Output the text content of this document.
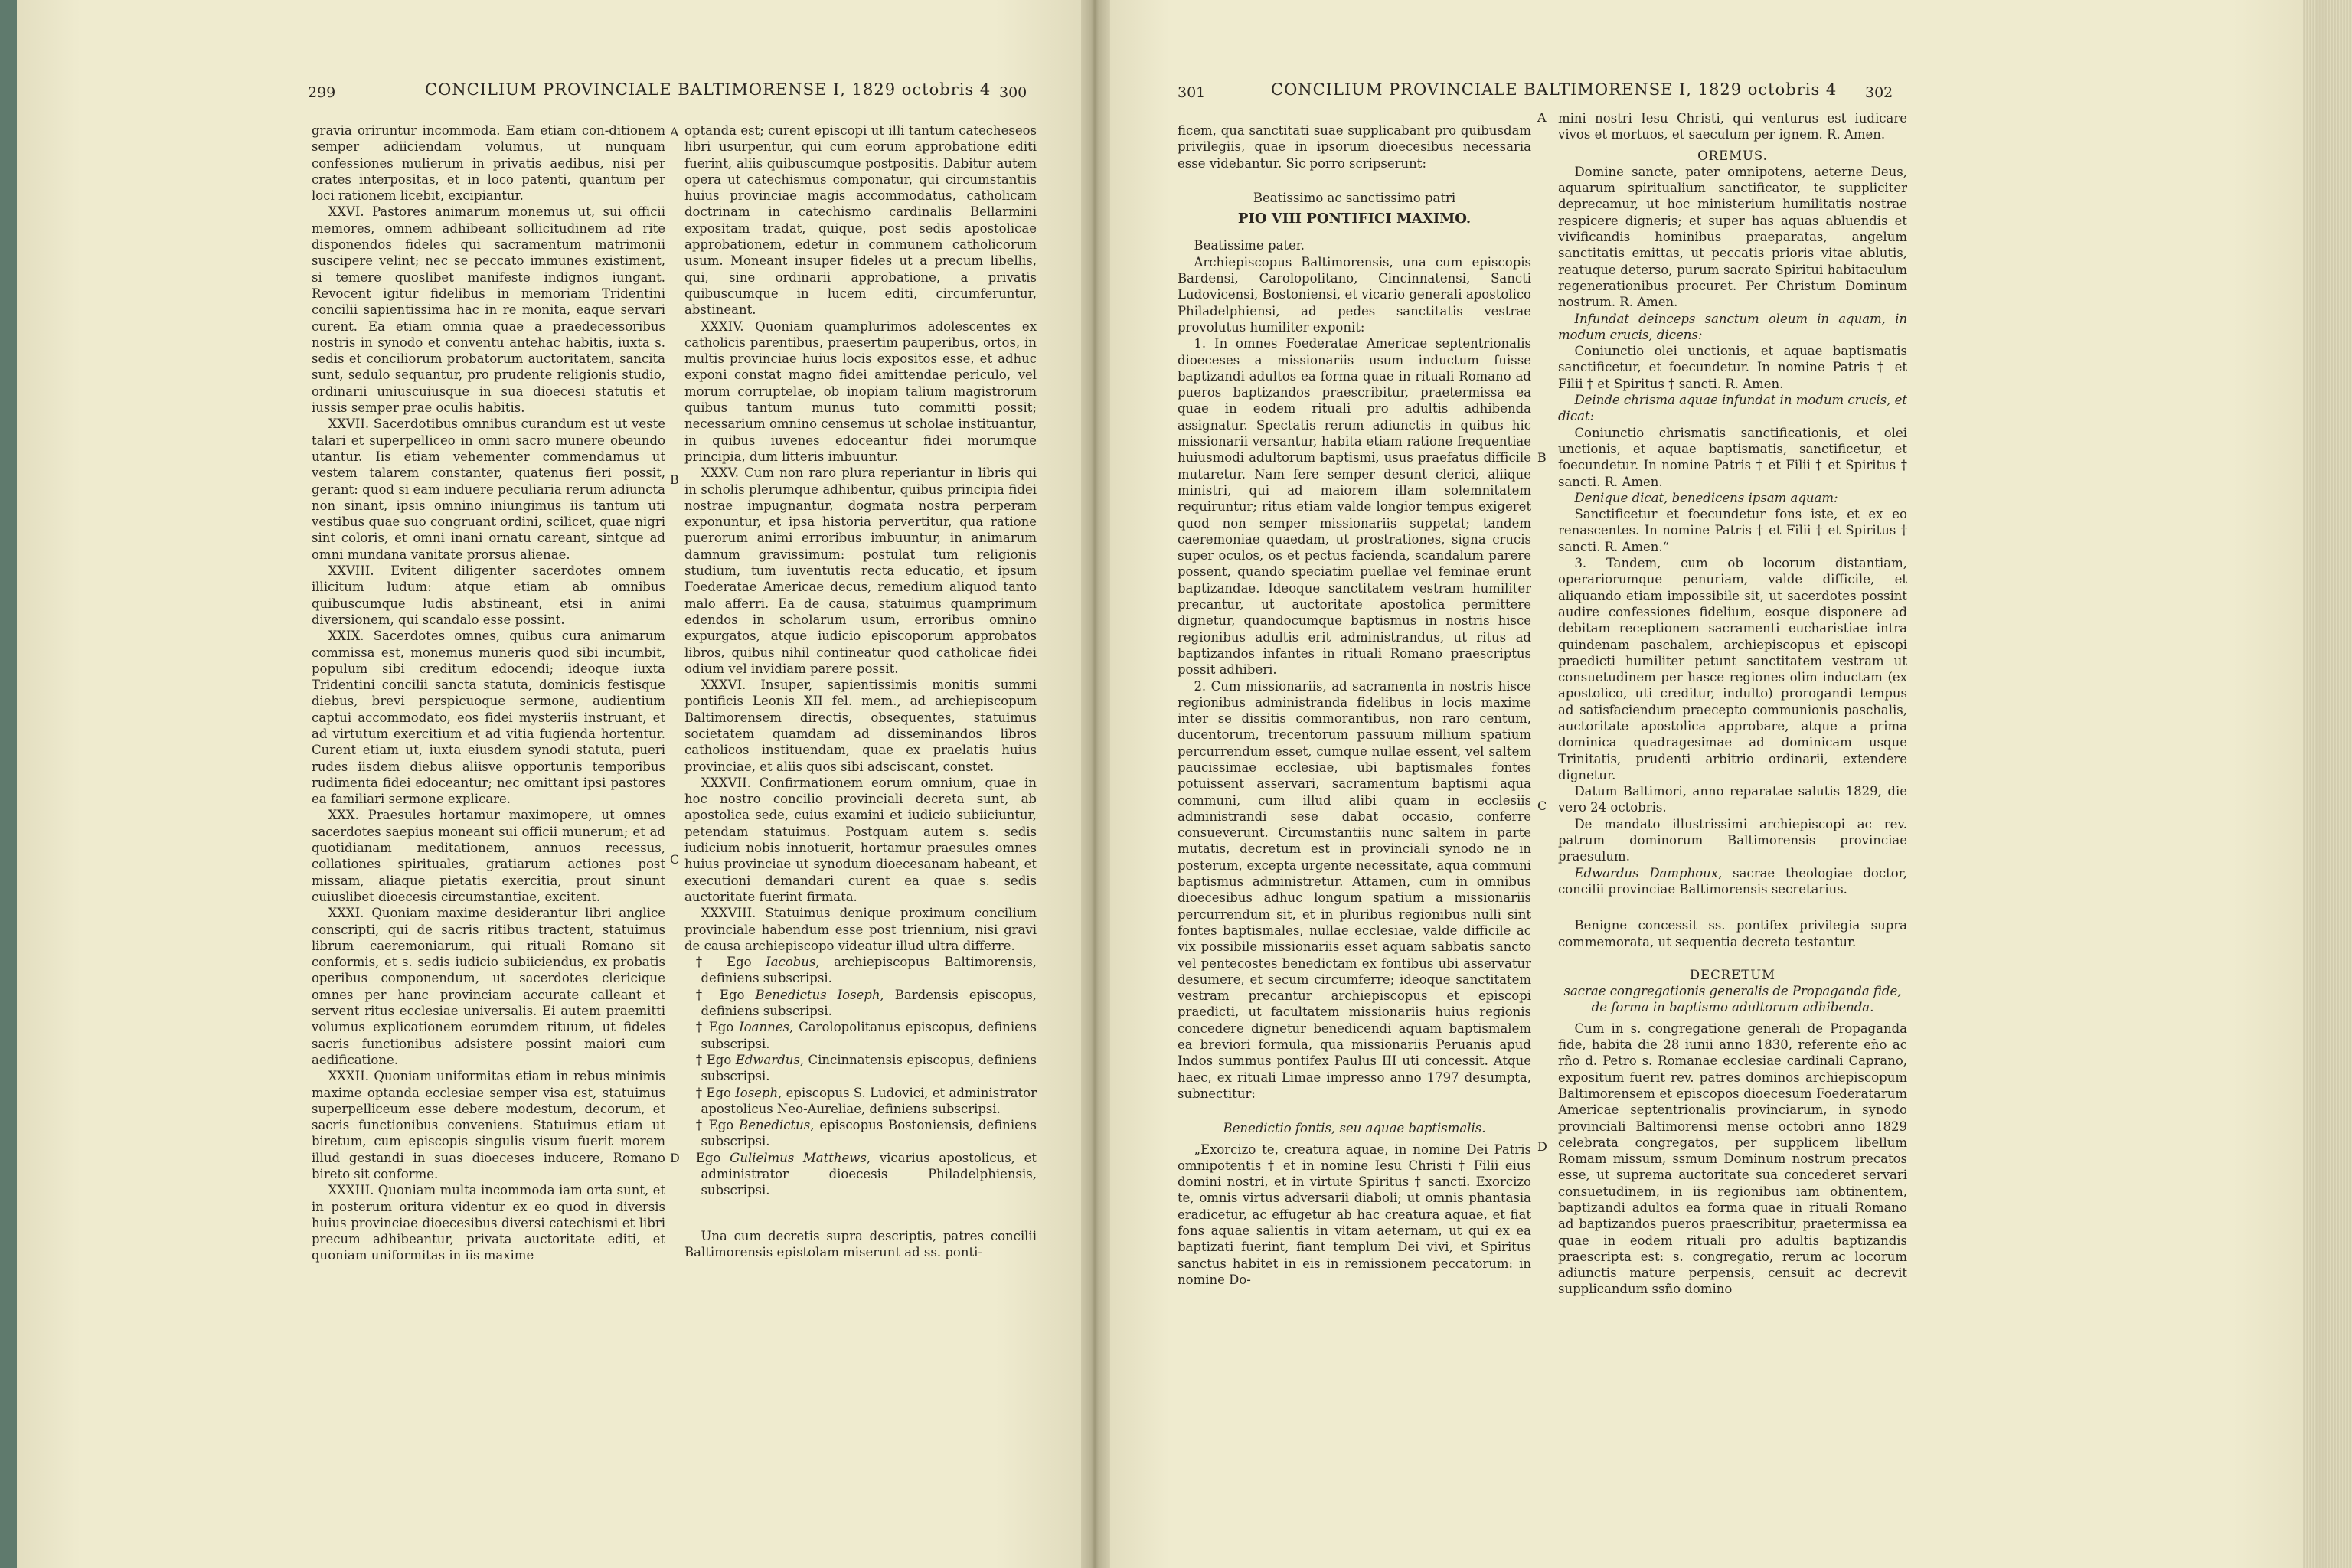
299	CONCILIUM PROVINCIALE BALTIMORENSE I, 1829 octobris 4 300

gravia oriruntur incommoda. Eam etiam con-ditionem semper adiiciendam volumus, ut nunquam confessiones mulierum in privatis aedibus, nisi per crates interpositas, et in loco patenti, quantum per loci rationem licebit, excipiantur.

XXVI. Pastores animarum monemus ut, sui officii memores, omnem adhibeant sollicitudinem ad rite disponendos fideles qui sacramentum matrimonii suscipere velint; nec se peccato immunes existiment, si temere quoslibet manifeste indignos iungant. Revocent igitur fidelibus in memoriam Tridentini concilii sapientissima hac in re monita, eaque servari curent. Ea etiam omnia quae a praedecessoribus nostris in synodo et conventu antehac habitis, iuxta s. sedis et conciliorum probatorum auctoritatem, sancita sunt, sedulo sequantur, pro prudente religionis studio, ordinarii uniuscuiusque in sua dioecesi statutis et iussis semper prae oculis habitis.

XXVII. Sacerdotibus omnibus curandum est ut veste talari et superpelliceo in omni sacro munere obeundo utantur. Iis etiam vehementer commendamus ut vestem talarem constanter, quatenus fieri possit, gerant: quod si eam induere peculiaria rerum adiuncta non sinant, ipsis omnino iniungimus iis tantum uti vestibus quae suo congruant ordini, scilicet, quae nigri sint coloris, et omni inani ornatu careant, sintque ad omni mundana vanitate prorsus alienae.

XXVIII. Evitent diligenter sacerdotes omnem illicitum ludum: atque etiam ab omnibus quibuscumque ludis abstineant, etsi in animi diversionem, qui scandalo esse possint.

XXIX. Sacerdotes omnes, quibus cura animarum commissa est, monemus muneris quod sibi incumbit, populum sibi creditum edocendi; ideoque iuxta Tridentini concilii sancta statuta, dominicis festisque diebus, brevi perspicuoque sermone, audientium captui accommodato, eos fidei mysteriis instruant, et ad virtutum exercitium et ad vitia fugienda hortentur. Curent etiam ut, iuxta eiusdem synodi statuta, pueri rudes iisdem diebus aliisve opportunis temporibus rudimenta fidei edoceantur; nec omittant ipsi pastores ea familiari sermone explicare.

XXX. Praesules hortamur maximopere, ut omnes sacerdotes saepius moneant sui officii munerum; et ad quotidianam meditationem, annuos recessus, collationes spirituales, gratiarum actiones post missam, aliaque pietatis exercitia, prout sinunt cuiuslibet dioecesis circumstantiae, excitent.

XXXI. Quoniam maxime desiderantur libri anglice conscripti, qui de sacris ritibus tractent, statuimus librum caeremoniarum, qui rituali Romano sit conformis, et s. sedis iudicio subiiciendus, ex probatis operibus componendum, ut sacerdotes clericique omnes per hanc provinciam accurate calleant et servent ritus ecclesiae universalis. Ei autem praemitti volumus explicationem eorumdem rituum, ut fideles sacris functionibus adsistere possint maiori cum aedificatione.

XXXII. Quoniam uniformitas etiam in rebus minimis maxime optanda ecclesiae semper visa est, statuimus superpelliceum esse debere modestum, decorum, et sacris functionibus conveniens. Statuimus etiam ut biretum, cum episcopis singulis visum fuerit morem illud gestandi in suas dioeceses inducere, Romano bireto sit conforme.

XXXIII. Quoniam multa incommoda iam orta sunt, et in posterum oritura videntur ex eo quod in diversis huius provinciae dioecesibus diversi catechismi et libri precum adhibeantur, privata auctoritate editi, et quoniam uniformitas in iis maxime

A
B
C
D

optanda est; curent episcopi ut illi tantum catecheseos libri usurpentur, qui cum eorum approbatione editi fuerint, aliis quibuscumque postpositis. Dabitur autem opera ut catechismus componatur, qui circumstantiis huius provinciae magis accommodatus, catholicam doctrinam in catechismo cardinalis Bellarmini expositam tradat, quique, post sedis apostolicae approbationem, edetur in communem catholicorum usum. Moneant insuper fideles ut a precum libellis, qui, sine ordinarii approbatione, a privatis quibuscumque in lucem editi, circumferuntur, abstineant.

XXXIV. Quoniam quamplurimos adolescentes ex catholicis parentibus, praesertim pauperibus, ortos, in multis provinciae huius locis expositos esse, et adhuc exponi constat magno fidei amittendae periculo, vel morum corruptelae, ob inopiam talium magistrorum quibus tantum munus tuto committi possit; necessarium omnino censemus ut scholae instituantur, in quibus iuvenes edoceantur fidei morumque principia, dum litteris imbuuntur.

XXXV. Cum non raro plura reperiantur in libris qui in scholis plerumque adhibentur, quibus principia fidei nostrae impugnantur, dogmata nostra perperam exponuntur, et ipsa historia pervertitur, qua ratione puerorum animi erroribus imbuuntur, in animarum damnum gravissimum: postulat tum religionis studium, tum iuventutis recta educatio, et ipsum Foederatae Americae decus, remedium aliquod tanto malo afferri. Ea de causa, statuimus quamprimum edendos in scholarum usum, erroribus omnino expurgatos, atque iudicio episcoporum approbatos libros, quibus nihil contineatur quod catholicae fidei odium vel invidiam parere possit.

XXXVI. Insuper, sapientissimis monitis summi pontificis Leonis XII fel. mem., ad archiepiscopum Baltimorensem directis, obsequentes, statuimus societatem quamdam ad disseminandos libros catholicos instituendam, quae ex praelatis huius provinciae, et aliis quos sibi adsciscant, constet.

XXXVII. Confirmationem eorum omnium, quae in hoc nostro concilio provinciali decreta sunt, ab apostolica sede, cuius examini et iudicio subiiciuntur, petendam statuimus. Postquam autem s. sedis iudicium nobis innotuerit, hortamur praesules omnes huius provinciae ut synodum dioecesanam habeant, et executioni demandari curent ea quae s. sedis auctoritate fuerint firmata.

XXXVIII. Statuimus denique proximum concilium provinciale habendum esse post triennium, nisi gravi de causa archiepiscopo videatur illud ultra differre.

† Ego Iacobus, archiepiscopus Baltimorensis, definiens subscripsi.

† Ego Benedictus Ioseph, Bardensis episcopus, definiens subscripsi.

† Ego Ioannes, Carolopolitanus episcopus, definiens subscripsi.

† Ego Edwardus, Cincinnatensis episcopus, definiens subscripsi.

† Ego Ioseph, episcopus S. Ludovici, et administrator apostolicus Neo-Aureliae, definiens subscripsi.

† Ego Benedictus, episcopus Bostoniensis, definiens subscripsi.

Ego Gulielmus Matthews, vicarius apostolicus, et administrator dioecesis Philadelphiensis, subscripsi.

Una cum decretis supra descriptis, patres concilii Baltimorensis epistolam miserunt ad ss. ponti-

301	CONCILIUM PROVINCIALE BALTIMORENSE I, 1829 octobris 4 302

ficem, qua sanctitati suae supplicabant pro quibusdam privilegiis, quae in ipsorum dioecesibus necessaria esse videbantur. Sic porro scripserunt:

Beatissimo ac sanctissimo patri

PIO VIII PONTIFICI MAXIMO.

Beatissime pater.

Archiepiscopus Baltimorensis, una cum episcopis Bardensi, Carolopolitano, Cincinnatensi, Sancti Ludovicensi, Bostoniensi, et vicario generali apostolico Philadelphiensi, ad pedes sanctitatis vestrae provolutus humiliter exponit:

1. In omnes Foederatae Americae septentrionalis dioeceses a missionariis usum inductum fuisse baptizandi adultos ea forma quae in rituali Romano ad pueros baptizandos praescribitur, praetermissa ea quae in eodem rituali pro adultis adhibenda assignatur. Spectatis rerum adiunctis in quibus hic missionarii versantur, habita etiam ratione frequentiae huiusmodi adultorum baptismi, usus praefatus difficile mutaretur. Nam fere semper desunt clerici, aliique ministri, qui ad maiorem illam solemnitatem requiruntur; ritus etiam valde longior tempus exigeret quod non semper missionariis suppetat; tandem caeremoniae quaedam, ut prostrationes, signa crucis super oculos, os et pectus facienda, scandalum parere possent, quando speciatim puellae vel feminae erunt baptizandae. Ideoque sanctitatem vestram humiliter precantur, ut auctoritate apostolica permittere dignetur, quandocumque baptismus in nostris hisce regionibus adultis erit administrandus, ut ritus ad baptizandos infantes in rituali Romano praescriptus possit adhiberi.

2. Cum missionariis, ad sacramenta in nostris hisce regionibus administranda fidelibus in locis maxime inter se dissitis commorantibus, non raro centum, ducentorum, trecentorum passuum millium spatium percurrendum esset, cumque nullae essent, vel saltem paucissimae ecclesiae, ubi baptismales fontes potuissent asservari, sacramentum baptismi aqua communi, cum illud alibi quam in ecclesiis administrandi sese dabat occasio, conferre consueverunt. Circumstantiis nunc saltem in parte mutatis, decretum est in provinciali synodo ne in posterum, excepta urgente necessitate, aqua communi baptismus administretur. Attamen, cum in omnibus dioecesibus adhuc longum spatium a missionariis percurrendum sit, et in pluribus regionibus nulli sint fontes baptismales, nullae ecclesiae, valde difficile ac vix possibile missionariis esset aquam sabbatis sancto vel pentecostes benedictam ex fontibus ubi asservatur desumere, et secum circumferre; ideoque sanctitatem vestram precantur archiepiscopus et episcopi praedicti, ut facultatem missionariis huius regionis concedere dignetur benedicendi aquam baptismalem ea breviori formula, qua missionariis Peruanis apud Indos summus pontifex Paulus III uti concessit. Atque haec, ex rituali Limae impresso anno 1797 desumpta, subnectitur:

Benedictio fontis, seu aquae baptismalis.

„Exorcizo te, creatura aquae, in nomine Dei Patris omnipotentis † et in nomine Iesu Christi † Filii eius domini nostri, et in virtute Spiritus † sancti. Exorcizo te, omnis virtus adversarii diaboli; ut omnis phantasia eradicetur, ac effugetur ab hac creatura aquae, et fiat fons aquae salientis in vitam aeternam, ut qui ex ea baptizati fuerint, fiant templum Dei vivi, et Spiritus sanctus habitet in eis in remissionem peccatorum: in nomine Do-

A
B
C
D

mini nostri Iesu Christi, qui venturus est iudicare vivos et mortuos, et saeculum per ignem. R. Amen.

OREMUS.

Domine sancte, pater omnipotens, aeterne Deus, aquarum spiritualium sanctificator, te suppliciter deprecamur, ut hoc ministerium humilitatis nostrae respicere digneris; et super has aquas abluendis et vivificandis hominibus praeparatas, angelum sanctitatis emittas, ut peccatis prioris vitae ablutis, reatuque deterso, purum sacrato Spiritui habitaculum regenerationibus procuret. Per Christum Dominum nostrum. R. Amen.

Infundat deinceps sanctum oleum in aquam, in modum crucis, dicens:

Coniunctio olei unctionis, et aquae baptismatis sanctificetur, et foecundetur. In nomine Patris † et Filii † et Spiritus † sancti. R. Amen.

Deinde chrisma aquae infundat in modum crucis, et dicat:

Coniunctio chrismatis sanctificationis, et olei unctionis, et aquae baptismatis, sanctificetur, et foecundetur. In nomine Patris † et Filii † et Spiritus † sancti. R. Amen.

Denique dicat, benedicens ipsam aquam:

Sanctificetur et foecundetur fons iste, et ex eo renascentes. In nomine Patris † et Filii † et Spiritus † sancti. R. Amen.“

3. Tandem, cum ob locorum distantiam, operariorumque penuriam, valde difficile, et aliquando etiam impossibile sit, ut sacerdotes possint audire confessiones fidelium, eosque disponere ad debitam receptionem sacramenti eucharistiae intra quindenam paschalem, archiepiscopus et episcopi praedicti humiliter petunt sanctitatem vestram ut consuetudinem per hasce regiones olim inductam (ex apostolico, uti creditur, indulto) prorogandi tempus ad satisfaciendum praecepto communionis paschalis, auctoritate apostolica approbare, atque a prima dominica quadragesimae ad dominicam usque Trinitatis, prudenti arbitrio ordinarii, extendere dignetur.

Datum Baltimori, anno reparatae salutis 1829, die vero 24 octobris.

De mandato illustrissimi archiepiscopi ac rev. patrum dominorum Baltimorensis provinciae praesulum.

Edwardus Damphoux, sacrae theologiae doctor, concilii provinciae Baltimorensis secretarius.

Benigne concessit ss. pontifex privilegia supra commemorata, ut sequentia decreta testantur.

DECRETUM

sacrae congregationis generalis de Propaganda fide, de forma in baptismo adultorum adhibenda.

Cum in s. congregatione generali de Propaganda fide, habita die 28 iunii anno 1830, referente eño ac rño d. Petro s. Romanae ecclesiae cardinali Caprano, expositum fuerit rev. patres dominos archiepiscopum Baltimorensem et episcopos dioecesum Foederatarum Americae septentrionalis provinciarum, in synodo provinciali Baltimorensi mense octobri anno 1829 celebrata congregatos, per supplicem libellum Romam missum, ssmum Dominum nostrum precatos esse, ut suprema auctoritate sua concederet servari consuetudinem, in iis regionibus iam obtinentem, baptizandi adultos ea forma quae in rituali Romano ad baptizandos pueros praescribitur, praetermissa ea quae in eodem rituali pro adultis baptizandis praescripta est: s. congregatio, rerum ac locorum adiunctis mature perpensis, censuit ac decrevit supplicandum ssño domino
